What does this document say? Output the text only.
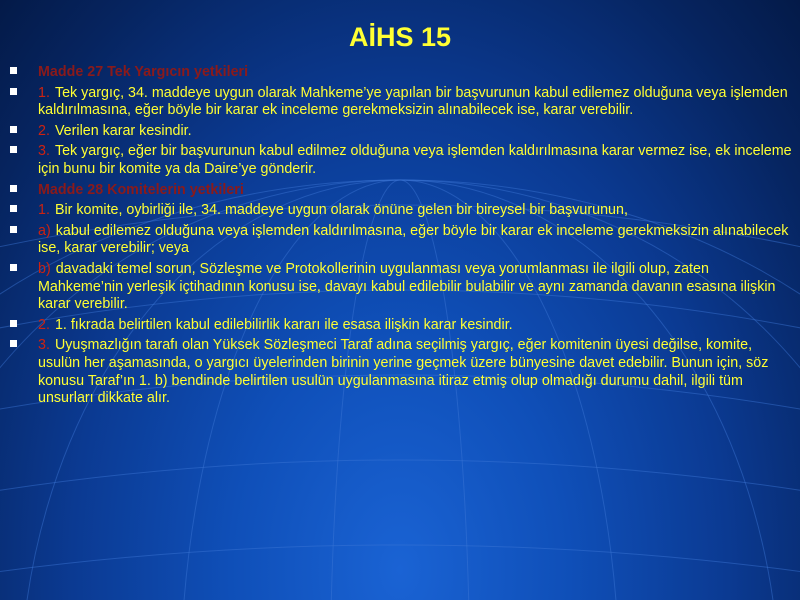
AİHS 15
Madde 27 Tek Yargıcın yetkileri
1. Tek yargıç, 34. maddeye uygun olarak Mahkeme’ye yapılan bir başvurunun kabul edilemez olduğuna veya işlemden kaldırılmasına, eğer böyle bir karar ek inceleme gerekmeksizin alınabilecek ise, karar verebilir.
2. Verilen karar kesindir.
3. Tek yargıç, eğer bir başvurunun kabul edilmez olduğuna veya işlemden kaldırılmasına karar vermez ise, ek inceleme için bunu bir komite ya da Daire’ye gönderir.
Madde 28 Komitelerin yetkileri
1. Bir komite, oybirliği ile, 34. maddeye uygun olarak önüne gelen bir bireysel bir başvurunun,
a) kabul edilemez olduğuna veya işlemden kaldırılmasına, eğer böyle bir karar ek inceleme gerekmeksizin alınabilecek ise, karar verebilir; veya
b) davadaki temel sorun, Sözleşme ve Protokollerinin uygulanması veya yorumlanması ile ilgili olup, zaten Mahkeme’nin yerleşik içtihadının konusu ise, davayı kabul edilebilir bulabilir ve aynı zamanda davanın esasına ilişkin karar verebilir.
2. 1. fıkrada belirtilen kabul edilebilirlik kararı ile esasa ilişkin karar kesindir.
3. Uyuşmazlığın tarafı olan Yüksek Sözleşmeci Taraf adına seçilmiş yargıç, eğer komitenin üyesi değilse, komite, usulün her aşamasında, o yargıcı üyelerinden birinin yerine geçmek üzere bünyesine davet edebilir. Bunun için, söz konusu Taraf’ın 1. b) bendinde belirtilen usulün uygulanmasına itiraz etmiş olup olmadığı durumu dahil, ilgili tüm unsurları dikkate alır.
